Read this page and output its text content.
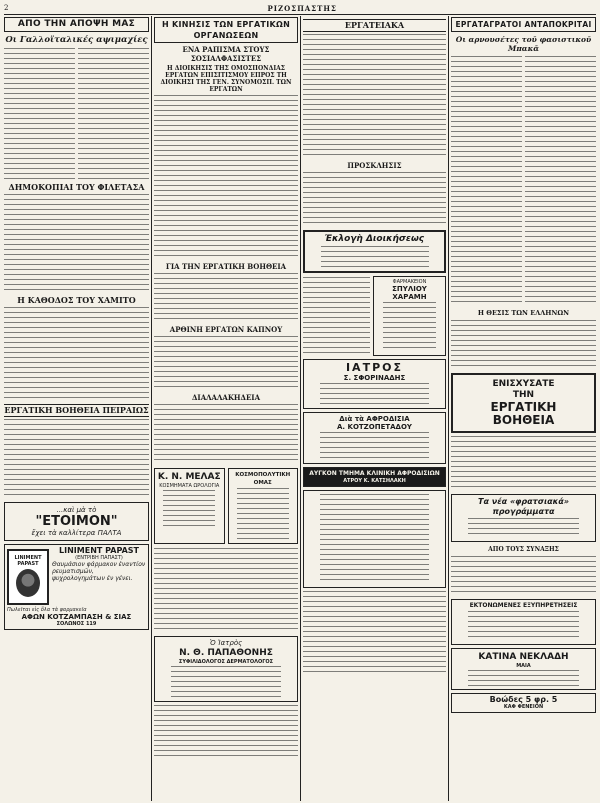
2	ΡΙΖΟΣΠΑΣΤΗΣ
ΑΠΟ ΤΗΝ ΑΠΟΨΗ ΜΑΣ
Οι Γαλλοϊταλικές αψιμαχίες
ΔΗΜΟΚΟΠΙΑΙ ΤΟΥ ΦΙΛΕΤΑΣΑ
Η ΚΑΘΟΔΟΣ ΤΟΥ ΧΑΜΙΤΟ
ΕΡΓΑΤΙΚΗ ΒΟΗΘΕΙΑ ΠΕΙΡΑΙΩΣ
...καὶ μὰ τὸ
"ΕΤΟΙΜΟΝ"
ἔχει τὰ καλλίτερα ΠΑΛΤΑ
LINIMENT PAPAST
LINIMENT PAPAST
(ΕΝΤΡΙΒΗ ΠΑΠΑΣΤ)
Θαυμάσιον φάρμακον ἐναντίον ρευματισμῶν, ψυχρολογημάτων ἐν γένει.
Πωλεῖται εἰς ὅλα τὰ φαρμακεῖα
ΑΦΩΝ ΚΟΤΖΑΜΠΑΣΗ & ΣΙΑΣ
ΣΟΛΩΝΟΣ 119
Η ΚΙΝΗΣΙΣ ΤΩΝ ΕΡΓΑΤΙΚΩΝ ΟΡΓΑΝΩΣΕΩΝ
ΕΝΑ ΡΑΠΙΣΜΑ ΣΤΟΥΣ ΣΟΣΙΑΛΦΑΣΙΣΤΕΣ
Η ΔΙΟΙΚΗΣΙΣ ΤΗΣ ΟΜΟΣΠΟΝΔΙΑΣ ΕΡΓΑΤΩΝ ΕΠΙΣΙΤΙΣΜΟΥ ΕΠΡΟΣ ΤΗ ΔΙΟΙΚΗΣΙ ΤΗΣ ΓΕΝ. ΣΥΝΟΜΟΣΠ. ΤΩΝ ΕΡΓΑΤΩΝ
ΓΙΑ ΤΗΝ ΕΡΓΑΤΙΚΗ ΒΟΗΘΕΙΑ
ΑΡΘΙΝΗ ΕΡΓΑΤΩΝ ΚΑΠΝΟΥ
ΔΙΑΛΑΛΑΚΗΔΕΙΑ
Κ. Ν. ΜΕΛΑΣ
ΚΟΣΜΗΜΑΤΑ ΩΡΟΛΟΓΙΑ
ΚΟΣΜΟΠΟΛΥΤΙΚΗ ΟΜΑΣ
Ὁ Ἰατρὸς
Ν. Θ. ΠΑΠΑΘΟΝΗΣ
ΣΥΦΙΛΙΔΟΛΟΓΟΣ ΔΕΡΜΑΤΟΛΟΓΟΣ
ΕΡΓΑΤΕΙΑΚΑ
ΠΡΟΣΚΛΗΣΙΣ
Ἐκλογὴ Διοικήσεως
ΦΑΡΜΑΚΕΙΟΝ
ΣΠΥΛΙΟΥ ΧΑΡΑΜΗ
ΙΑΤΡΟΣ
Σ. ΣΦΟΡΙΝΑΔΗΣ
Διὰ τὰ ΑΦΡΟΔΙΣΙΑ
Α. ΚΟΤΖΟΠΕΤΑΔΟΥ
ΑΥΓΚΟΝ ΤΜΗΜΑ ΚΛΙΝΙΚΗ ΑΦΡΟΔΙΣΙΩΝ
ΑΤΡΟΥ Κ. ΚΑΤΣΗΛΑΚΗ
ΕΡΓΑΤΑΓΡΑΤΟΙ ΑΝΤΑΠΟΚΡΙΤΑΙ
Οι αρνουσέτες τοῦ φασιστικοῦ Μπακᾶ
Η ΘΕΣΙΣ ΤΩΝ ΕΛΛΗΝΩΝ
ΕΝΙΣΧΥΣΑΤΕ
ΤΗΝ
ΕΡΓΑΤΙΚΗ
ΒΟΗΘΕΙΑ
Τα νέα «φρατσιακά» προγράμματα
ΑΠΟ ΤΟΥΣ ΣΥΝΑΞΗΣ
ΕΚΤΟΝΩΜΕΝΕΣ ΕΞΥΠΗΡΕΤΗΣΕΙΣ
ΚΑΤΙΝΑ ΝΕΚΛΑΔΗ
ΜΑΙΑ
Βοώδες 5 φρ. 5
ΚΑΦ ΦΕΝΕΙΟΝ
